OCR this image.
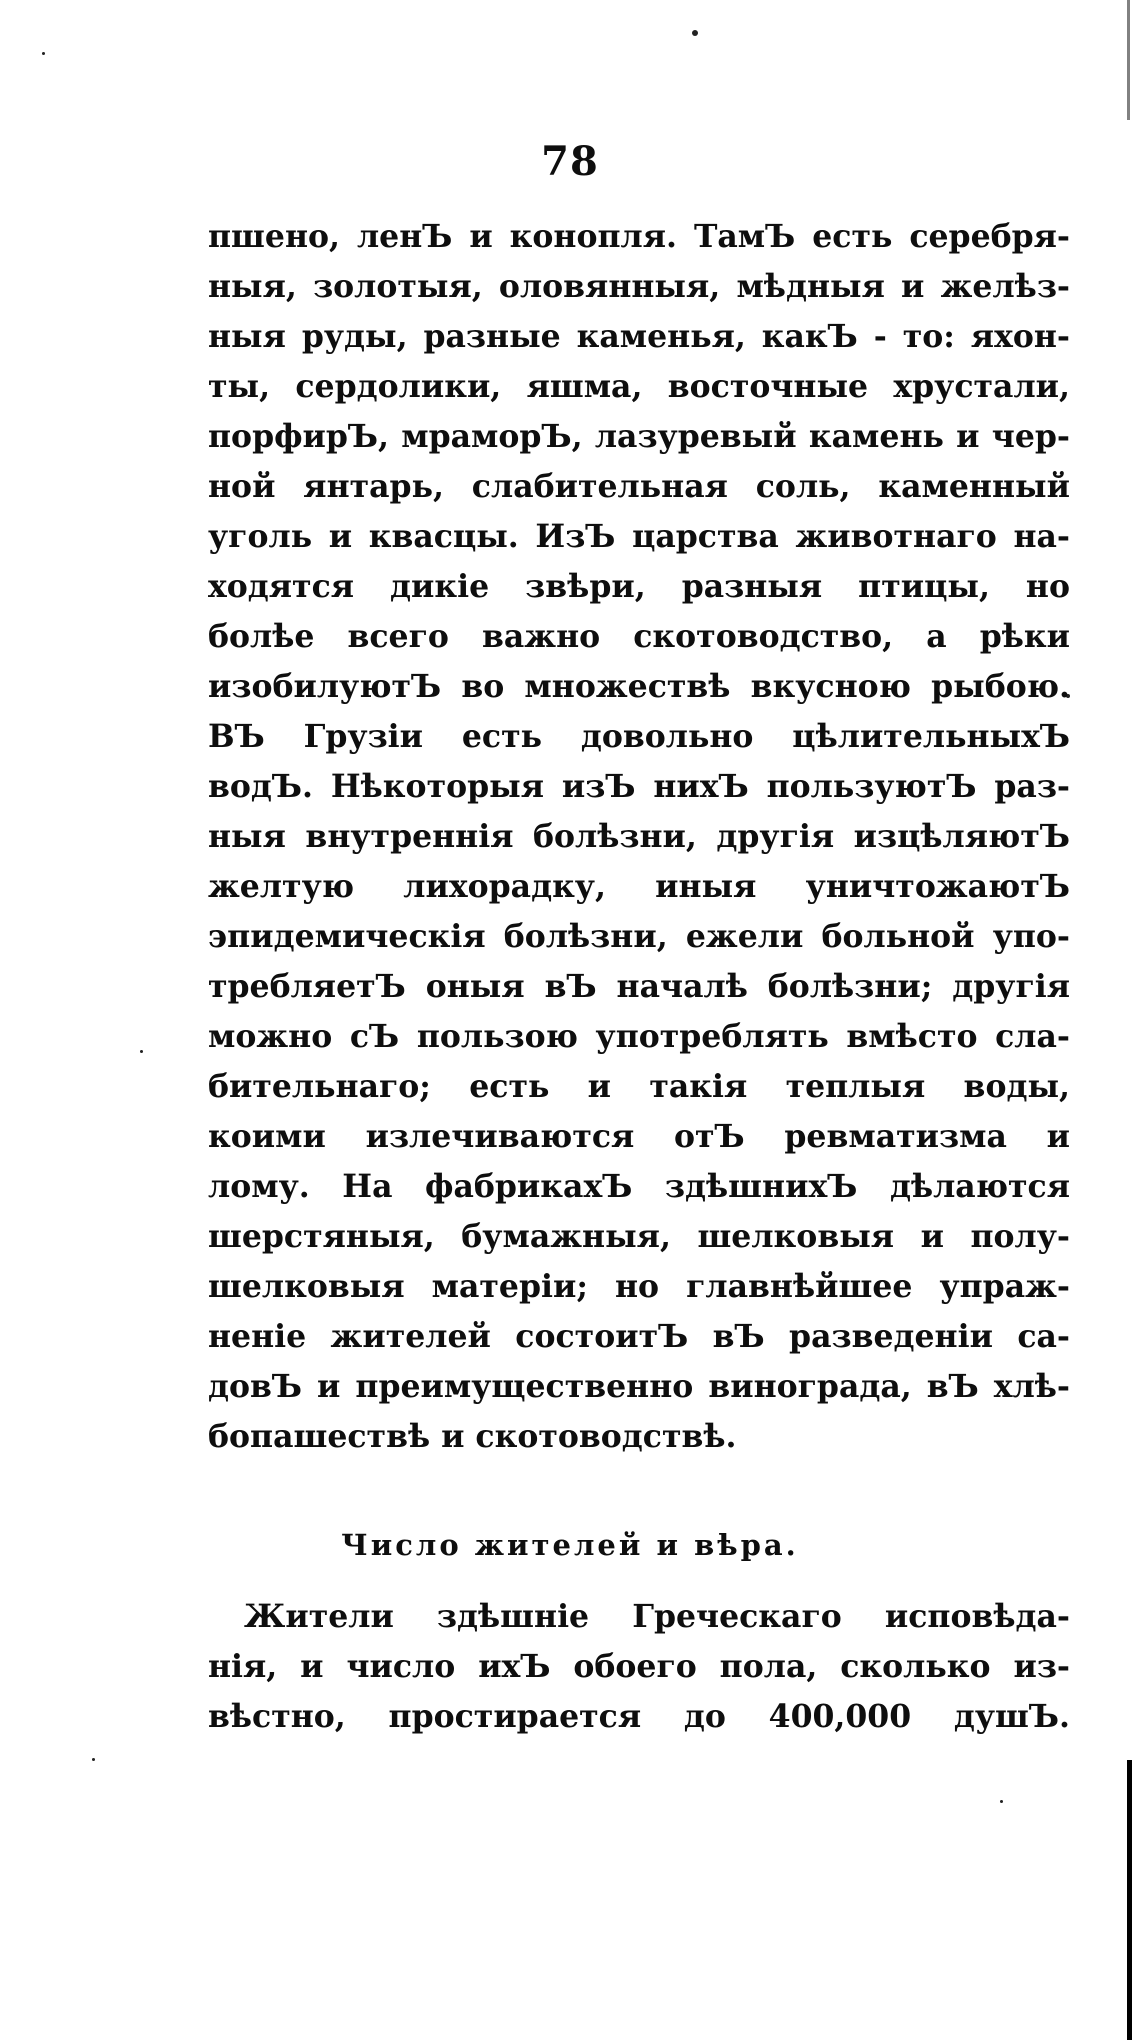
78
пшено, ленЪ и конопля. ТамЪ есть серебря-
ныя, золотыя, оловянныя, мѣдныя и желѣз-
ныя руды, разные каменья, какЪ - то: яхон-
ты, сердолики, яшма, восточные хрустали,
порфирЪ, мраморЪ, лазуревый камень и чер-
ной янтарь, слабительная соль, каменный
уголь и квасцы. ИзЪ царства животнаго на-
ходятся дикіе звѣри, разныя птицы, но
болѣе всего важно скотоводство, а рѣки
изобилуютЪ во множествѣ вкусною рыбою.
ВЪ Грузіи есть довольно цѣлительныхЪ
водЪ. Нѣкоторыя изЪ нихЪ пользуютЪ раз-
ныя внутреннія болѣзни, другія изцѣляютЪ
желтую лихорадку, иныя уничтожаютЪ
эпидемическія болѣзни, ежели больной упо-
требляетЪ оныя вЪ началѣ болѣзни; другія
можно сЪ пользою употреблять вмѣсто сла-
бительнаго; есть и такія теплыя воды,
коими излечиваются отЪ ревматизма и
лому. На фабрикахЪ здѣшнихЪ дѣлаются
шерстяныя, бумажныя, шелковыя и полу-
шелковыя матеріи; но главнѣйшее упраж-
неніе жителей состоитЪ вЪ разведеніи са-
довЪ и преимущественно винограда, вЪ хлѣ-
бопашествѣ и скотоводствѣ.
Число жителей и вѣра.
Жители здѣшніе Греческаго исповѣда-
нія, и число ихЪ обоего пола, сколько из-
вѣстно, простирается до 400,000 душЪ.
